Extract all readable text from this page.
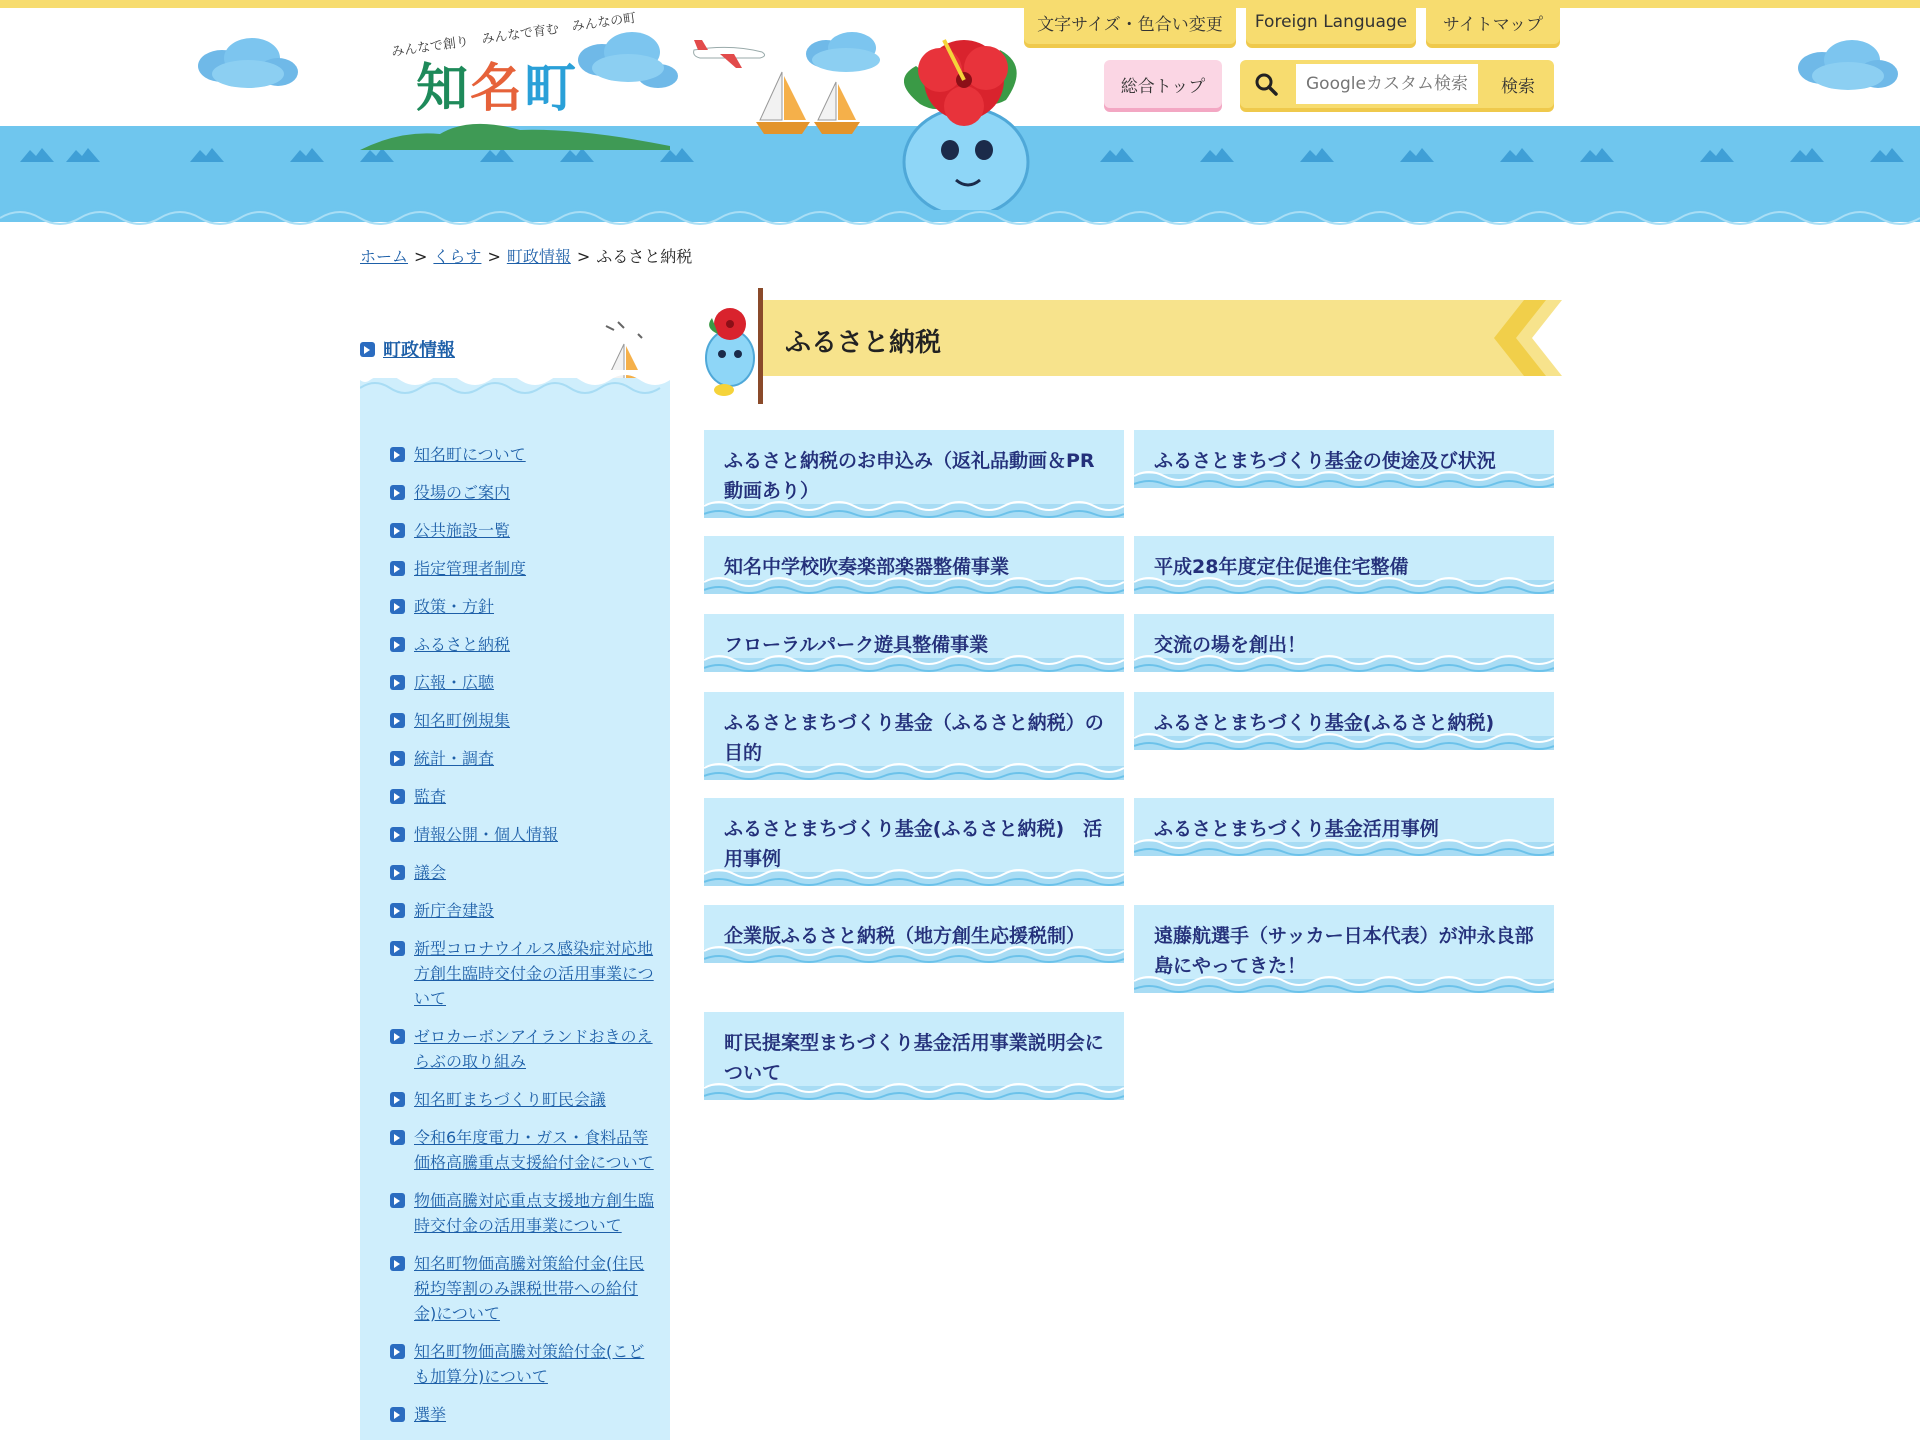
みんなで創り　みんなで育む　みんなの町
知名町
文字サイズ・色合い変更	Foreign Language	サイトマップ
総合トップ
Googleカスタム検索	検索
ホーム > くらす > 町政情報 > ふるさと納税
町政情報
知名町について
役場のご案内
公共施設一覧
指定管理者制度
政策・方針
ふるさと納税
広報・広聴
知名町例規集
統計・調査
監査
情報公開・個人情報
議会
新庁舎建設
新型コロナウイルス感染症対応地方創生臨時交付金の活用事業について
ゼロカーボンアイランドおきのえらぶの取り組み
知名町まちづくり町民会議
令和6年度電力・ガス・食料品等価格高騰重点支援給付金について
物価高騰対応重点支援地方創生臨時交付金の活用事業について
知名町物価高騰対策給付金(住民税均等割のみ課税世帯への給付金)について
知名町物価高騰対策給付金(こども加算分)について
選挙
ふるさと納税
ふるさと納税のお申込み（返礼品動画＆PR動画あり）
ふるさとまちづくり基金の使途及び状況
知名中学校吹奏楽部楽器整備事業	平成28年度定住促進住宅整備
フローラルパーク遊具整備事業	交流の場を創出！
ふるさとまちづくり基金（ふるさと納税）の目的
ふるさとまちづくり基金(ふるさと納税)
ふるさとまちづくり基金(ふるさと納税)　活用事例
ふるさとまちづくり基金活用事例
企業版ふるさと納税（地方創生応援税制）	遠藤航選手（サッカー日本代表）が沖永良部島にやってきた！
町民提案型まちづくり基金活用事業説明会について
